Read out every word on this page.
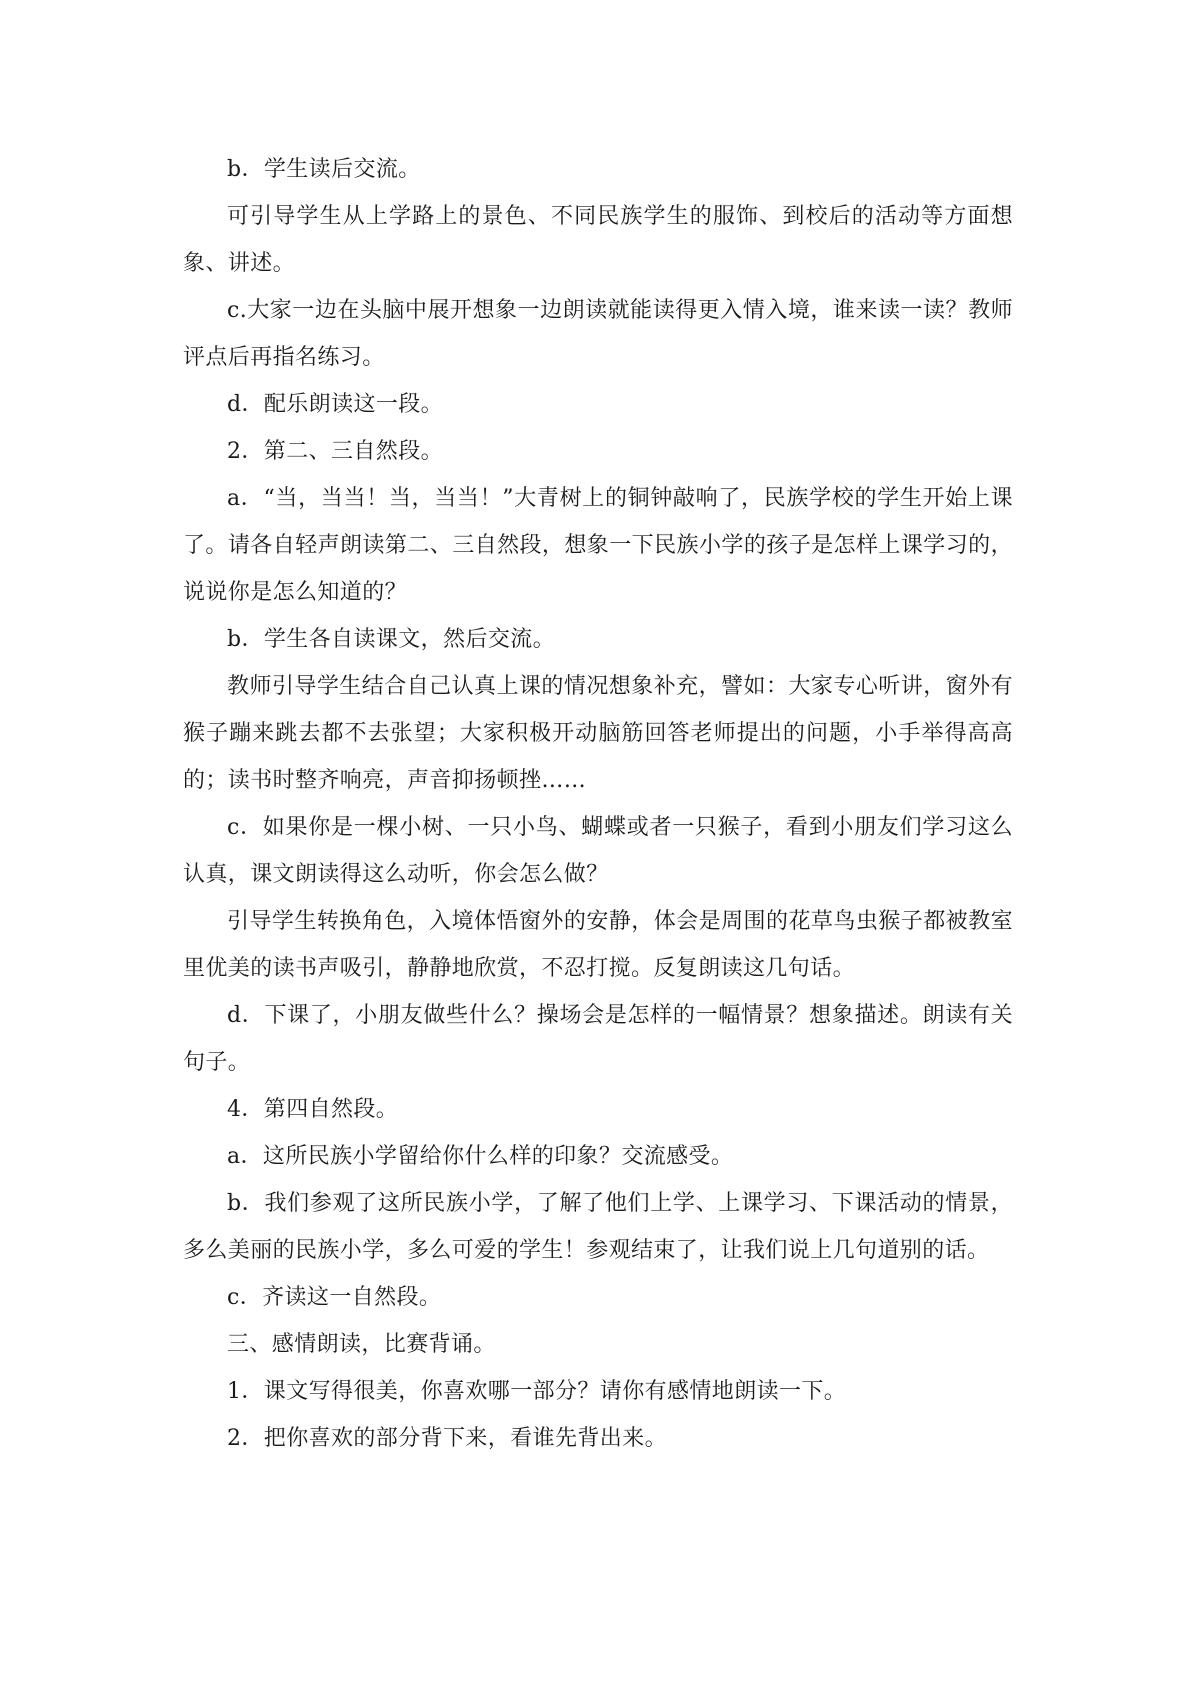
b．学生读后交流。

可引导学生从上学路上的景色、不同民族学生的服饰、到校后的活动等方面想象、讲述。

c.大家一边在头脑中展开想象一边朗读就能读得更入情入境，谁来读一读？教师评点后再指名练习。

d．配乐朗读这一段。

2．第二、三自然段。

a．“当，当当！当，当当！”大青树上的铜钟敲响了，民族学校的学生开始上课了。请各自轻声朗读第二、三自然段，想象一下民族小学的孩子是怎样上课学习的，说说你是怎么知道的？

b．学生各自读课文，然后交流。

教师引导学生结合自己认真上课的情况想象补充，譬如：大家专心听讲，窗外有猴子蹦来跳去都不去张望；大家积极开动脑筋回答老师提出的问题，小手举得高高的；读书时整齐响亮，声音抑扬顿挫……

c．如果你是一棵小树、一只小鸟、蝴蝶或者一只猴子，看到小朋友们学习这么认真，课文朗读得这么动听，你会怎么做？

引导学生转换角色，入境体悟窗外的安静，体会是周围的花草鸟虫猴子都被教室里优美的读书声吸引，静静地欣赏，不忍打搅。反复朗读这几句话。

d．下课了，小朋友做些什么？操场会是怎样的一幅情景？想象描述。朗读有关句子。

4．第四自然段。

a．这所民族小学留给你什么样的印象？交流感受。

b．我们参观了这所民族小学，了解了他们上学、上课学习、下课活动的情景，多么美丽的民族小学，多么可爱的学生！参观结束了，让我们说上几句道别的话。

c．齐读这一自然段。

三、感情朗读，比赛背诵。

1．课文写得很美，你喜欢哪一部分？请你有感情地朗读一下。

2．把你喜欢的部分背下来，看谁先背出来。
